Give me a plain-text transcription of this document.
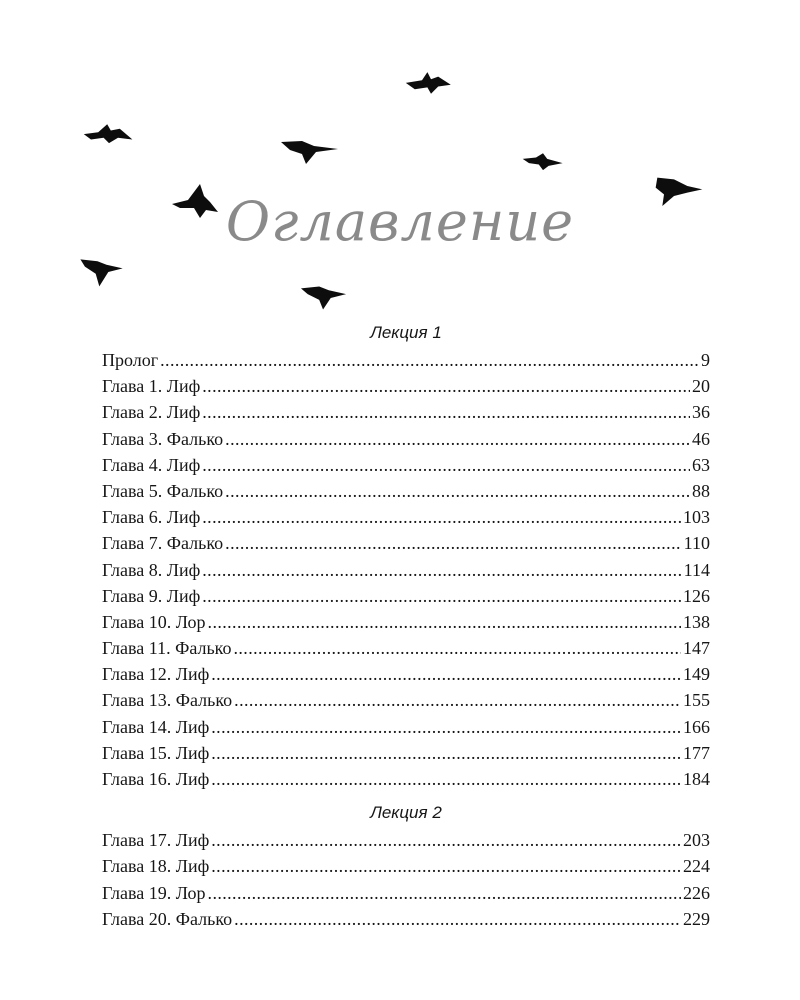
Оглавление
Лекция 1
Пролог .....	9
Глава 1. Лиф .....	20
Глава 2. Лиф .....	36
Глава 3. Фалько .....	46
Глава 4. Лиф .....	63
Глава 5. Фалько .....	88
Глава 6. Лиф .....	103
Глава 7. Фалько .....	110
Глава 8. Лиф .....	114
Глава 9. Лиф .....	126
Глава 10. Лор .....	138
Глава 11. Фалько .....	147
Глава 12. Лиф .....	149
Глава 13. Фалько .....	155
Глава 14. Лиф .....	166
Глава 15. Лиф .....	177
Глава 16. Лиф .....	184
Лекция 2
Глава 17. Лиф .....	203
Глава 18. Лиф .....	224
Глава 19. Лор .....	226
Глава 20. Фалько .....	229
